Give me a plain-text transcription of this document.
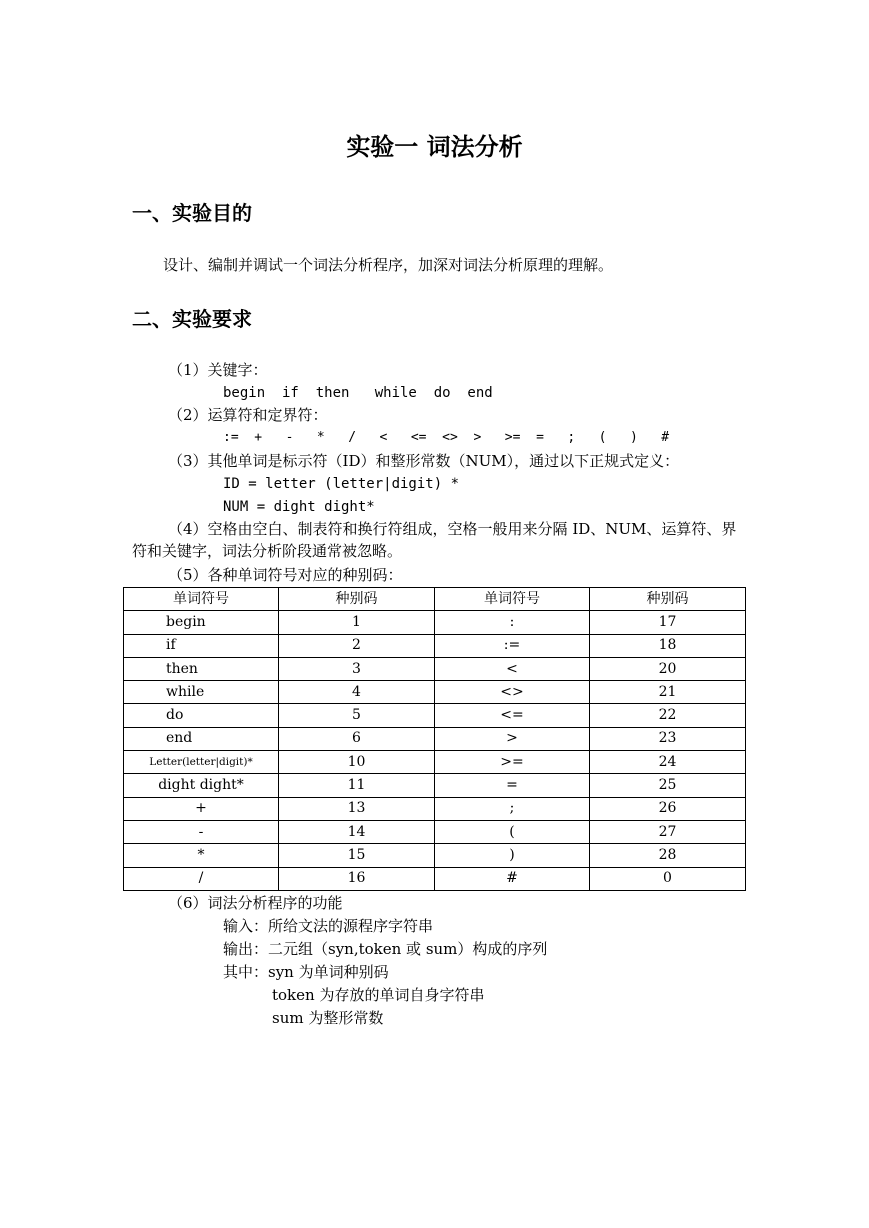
实验一 词法分析
一、实验目的
设计、编制并调试一个词法分析程序，加深对词法分析原理的理解。
二、实验要求
（1）关键字：
begin  if  then   while  do  end
（2）运算符和定界符：
:=  +   -   *   /   <   <=  <>  >   >=  =   ;   (   )   #
（3）其他单词是标示符（ID）和整形常数（NUM），通过以下正规式定义：
ID = letter (letter|digit) *
NUM = dight dight*
（4）空格由空白、制表符和换行符组成，空格一般用来分隔 ID、NUM、运算符、界符和关键字，词法分析阶段通常被忽略。
（5）各种单词符号对应的种别码：
单词符号	种别码	单词符号	种别码
begin	1	:	17
if	2	:=	18
then	3	<	20
while	4	<>	21
do	5	<=	22
end	6	>	23
Letter(letter|digit)*	10	>=	24
dight dight*	11	=	25
+	13	;	26
-	14	(	27
*	15	)	28
/	16	#	0
（6）词法分析程序的功能
输入：所给文法的源程序字符串
输出：二元组（syn,token 或 sum）构成的序列
其中：syn 为单词种别码
token 为存放的单词自身字符串
sum 为整形常数
